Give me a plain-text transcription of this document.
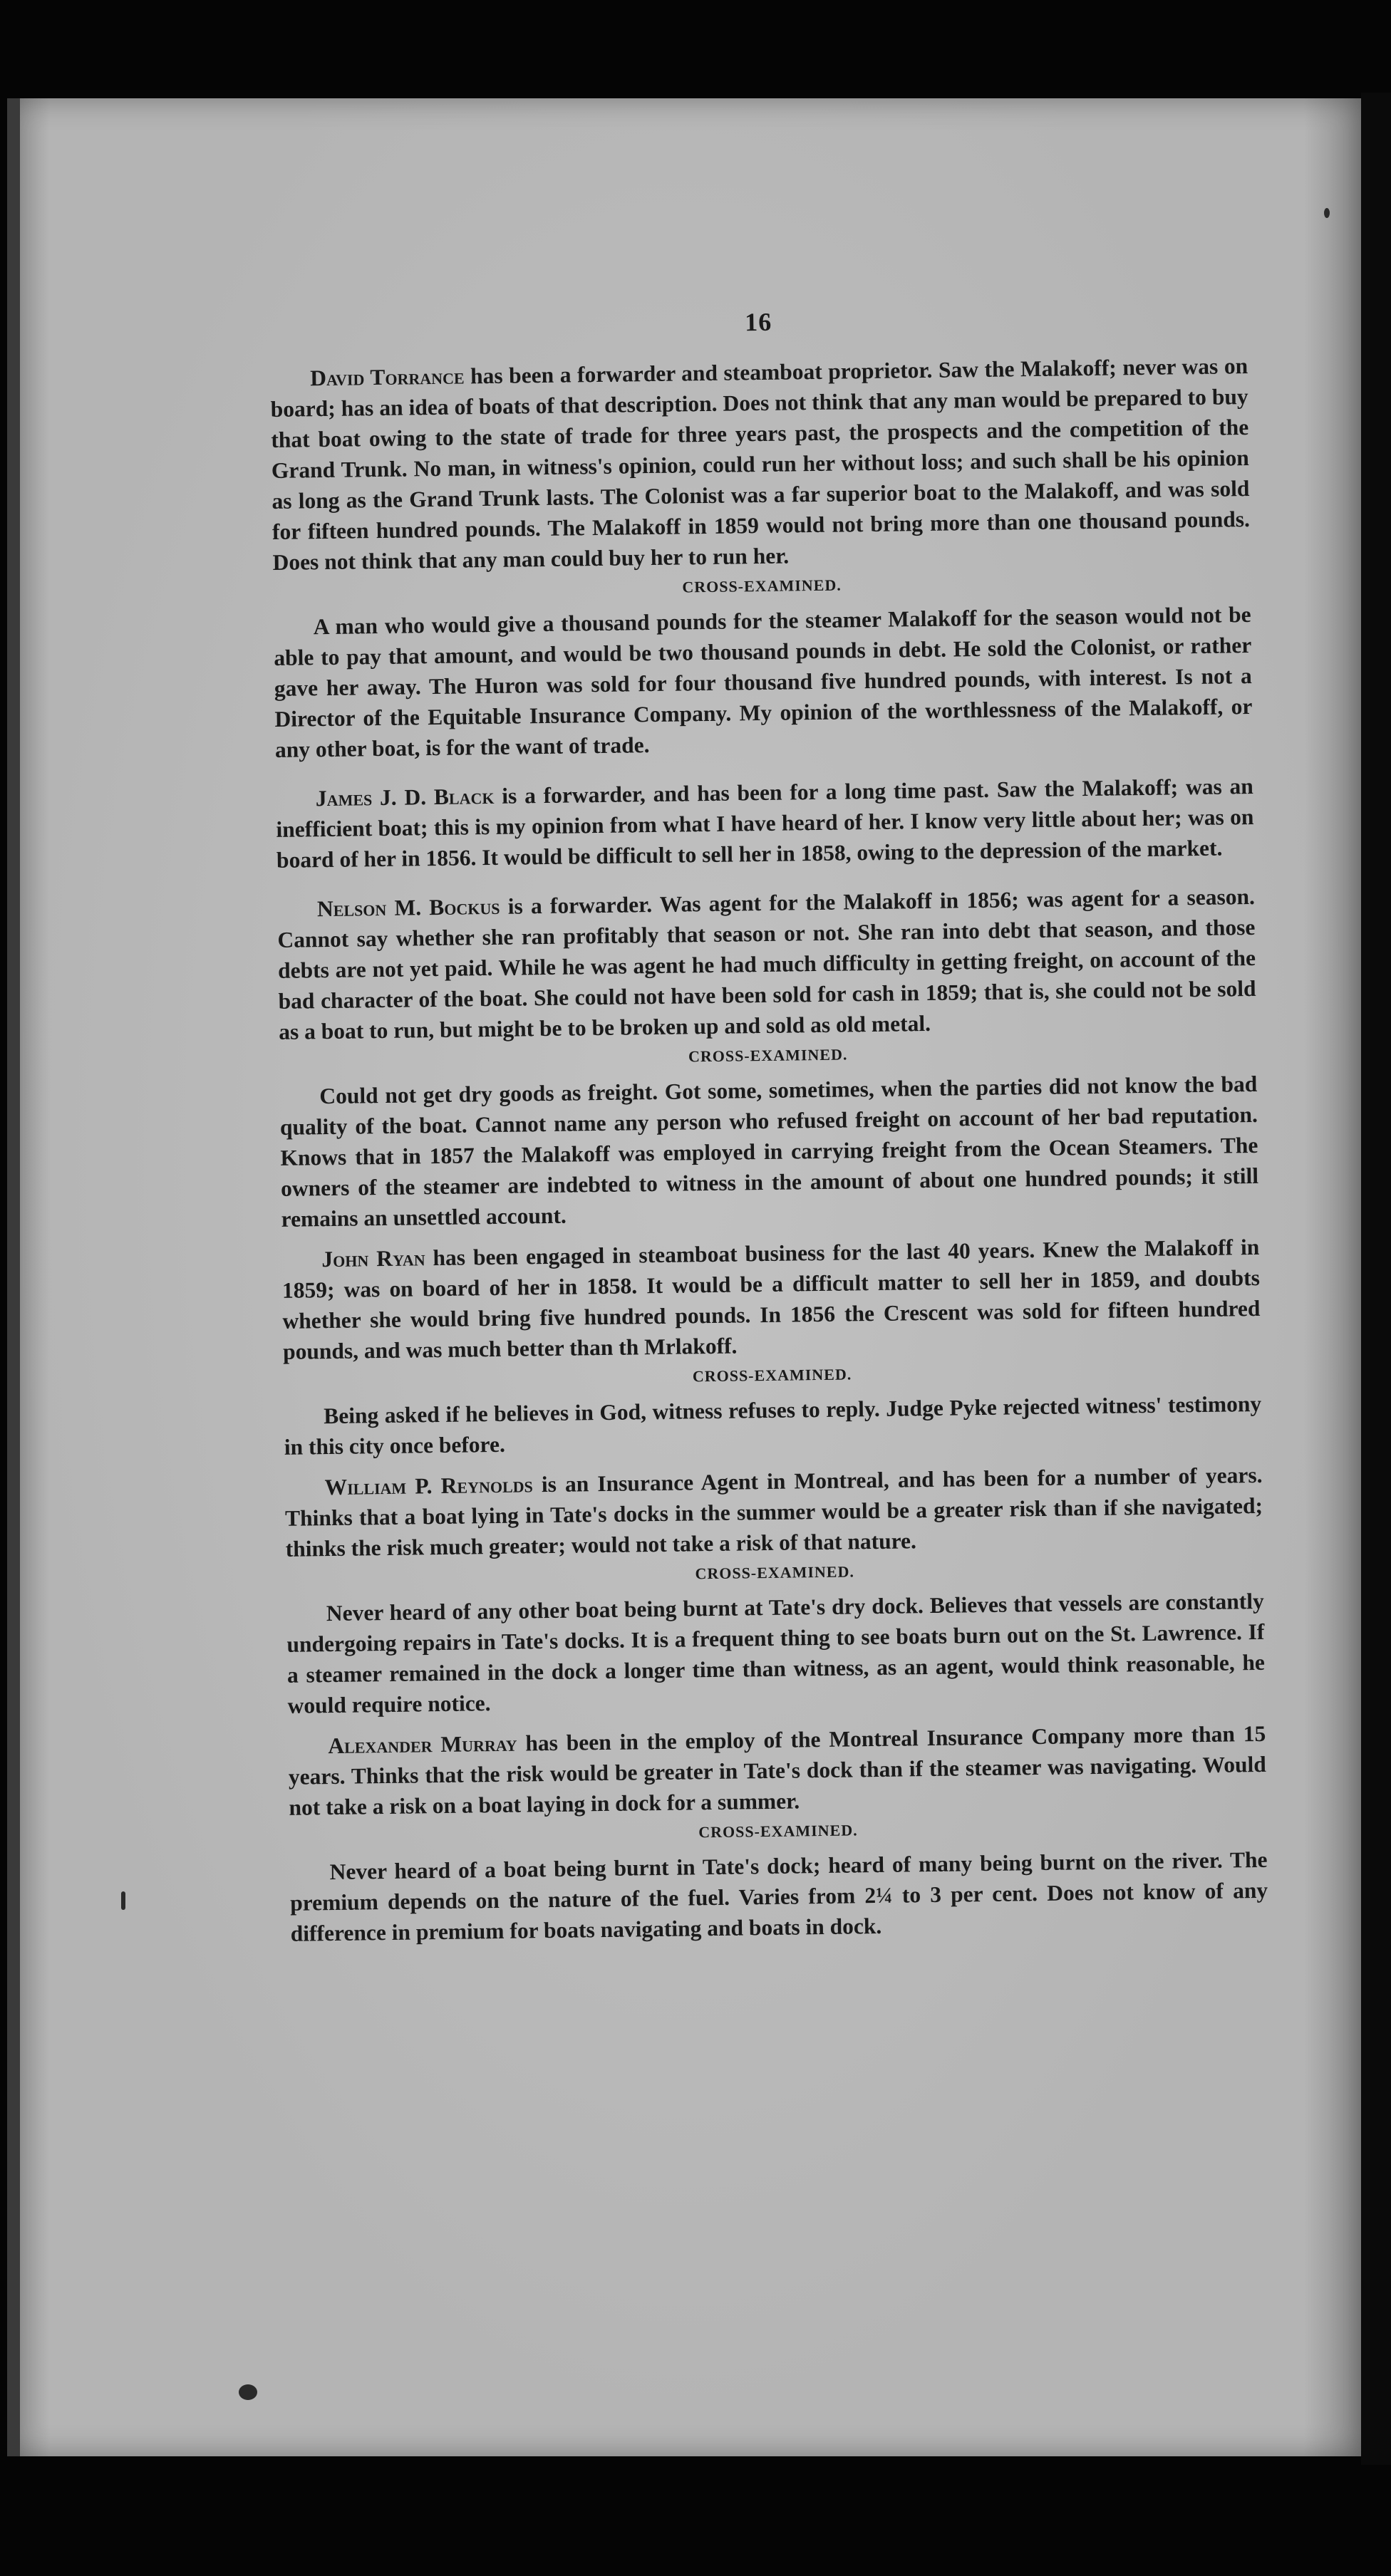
16

David Torrance has been a forwarder and steamboat proprietor. Saw the Malakoff; never was on board; has an idea of boats of that description. Does not think that any man would be prepared to buy that boat owing to the state of trade for three years past, the prospects and the competition of the Grand Trunk. No man, in witness's opinion, could run her without loss; and such shall be his opinion as long as the Grand Trunk lasts. The Colonist was a far superior boat to the Malakoff, and was sold for fifteen hundred pounds. The Malakoff in 1859 would not bring more than one thousand pounds. Does not think that any man could buy her to run her.

CROSS-EXAMINED.

A man who would give a thousand pounds for the steamer Malakoff for the season would not be able to pay that amount, and would be two thousand pounds in debt. He sold the Colonist, or rather gave her away. The Huron was sold for four thousand five hundred pounds, with interest. Is not a Director of the Equitable Insurance Company. My opinion of the worthlessness of the Malakoff, or any other boat, is for the want of trade.

James J. D. Black is a forwarder, and has been for a long time past. Saw the Malakoff; was an inefficient boat; this is my opinion from what I have heard of her. I know very little about her; was on board of her in 1856. It would be difficult to sell her in 1858, owing to the depression of the market.

Nelson M. Bockus is a forwarder. Was agent for the Malakoff in 1856; was agent for a season. Cannot say whether she ran profitably that season or not. She ran into debt that season, and those debts are not yet paid. While he was agent he had much difficulty in getting freight, on account of the bad character of the boat. She could not have been sold for cash in 1859; that is, she could not be sold as a boat to run, but might be to be broken up and sold as old metal.

CROSS-EXAMINED.

Could not get dry goods as freight. Got some, sometimes, when the parties did not know the bad quality of the boat. Cannot name any person who refused freight on account of her bad reputation. Knows that in 1857 the Malakoff was employed in carrying freight from the Ocean Steamers. The owners of the steamer are indebted to witness in the amount of about one hundred pounds; it still remains an unsettled account.

John Ryan has been engaged in steamboat business for the last 40 years. Knew the Malakoff in 1859; was on board of her in 1858. It would be a difficult matter to sell her in 1859, and doubts whether she would bring five hundred pounds. In 1856 the Crescent was sold for fifteen hundred pounds, and was much better than th Mrlakoff.

CROSS-EXAMINED.

Being asked if he believes in God, witness refuses to reply. Judge Pyke rejected witness' testimony in this city once before.

William P. Reynolds is an Insurance Agent in Montreal, and has been for a number of years. Thinks that a boat lying in Tate's docks in the summer would be a greater risk than if she navigated; thinks the risk much greater; would not take a risk of that nature.

CROSS-EXAMINED.

Never heard of any other boat being burnt at Tate's dry dock. Believes that vessels are constantly undergoing repairs in Tate's docks. It is a frequent thing to see boats burn out on the St. Lawrence. If a steamer remained in the dock a longer time than witness, as an agent, would think reasonable, he would require notice.

Alexander Murray has been in the employ of the Montreal Insurance Company more than 15 years. Thinks that the risk would be greater in Tate's dock than if the steamer was navigating. Would not take a risk on a boat laying in dock for a summer.

CROSS-EXAMINED.

Never heard of a boat being burnt in Tate's dock; heard of many being burnt on the river. The premium depends on the nature of the fuel. Varies from 2¼ to 3 per cent. Does not know of any difference in premium for boats navigating and boats in dock.
